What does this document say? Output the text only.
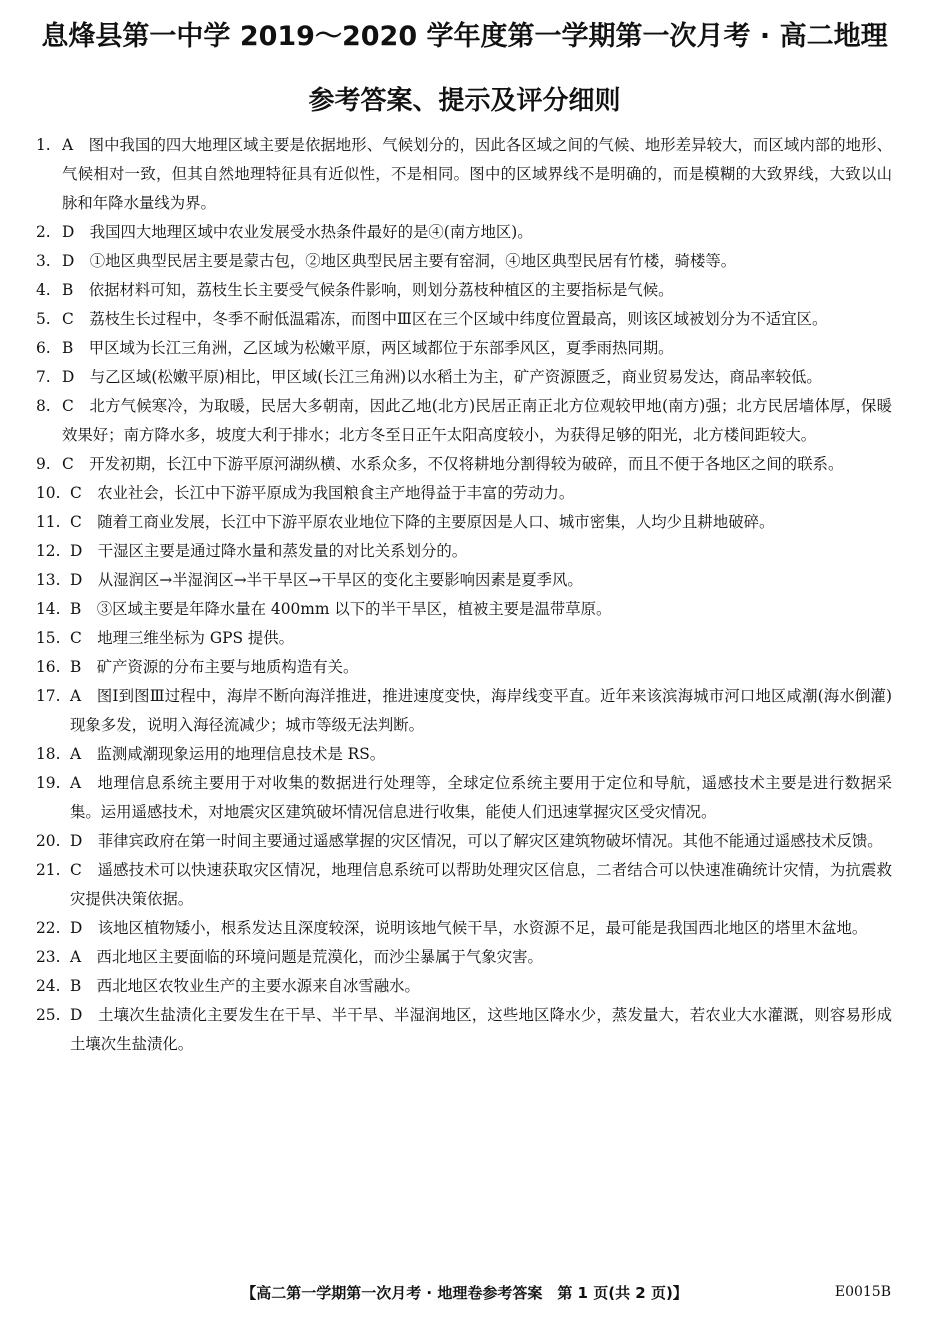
息烽县第一中学 2019～2020 学年度第一学期第一次月考 · 高二地理
参考答案、提示及评分细则
1. A　 图中我国的四大地理区域主要是依据地形、气候划分的，因此各区域之间的气候、地形差异较大，而区域内部的地形、气候相对一致，但其自然地理特征具有近似性，不是相同。图中的区域界线不是明确的，而是模糊的大致界线，大致以山脉和年降水量线为界。
2. D　 我国四大地理区域中农业发展受水热条件最好的是④(南方地区)。
3. D　 ①地区典型民居主要是蒙古包，②地区典型民居主要有窑洞，④地区典型民居有竹楼，骑楼等。
4. B　 依据材料可知，荔枝生长主要受气候条件影响，则划分荔枝种植区的主要指标是气候。
5. C　 荔枝生长过程中，冬季不耐低温霜冻，而图中Ⅲ区在三个区域中纬度位置最高，则该区域被划分为不适宜区。
6. B　 甲区域为长江三角洲，乙区域为松嫩平原，两区域都位于东部季风区，夏季雨热同期。
7. D　 与乙区域(松嫩平原)相比，甲区域(长江三角洲)以水稻土为主，矿产资源匮乏，商业贸易发达，商品率较低。
8. C　 北方气候寒冷，为取暖，民居大多朝南，因此乙地(北方)民居正南正北方位观较甲地(南方)强；北方民居墙体厚，保暖效果好；南方降水多，坡度大利于排水；北方冬至日正午太阳高度较小，为获得足够的阳光，北方楼间距较大。
9. C　 开发初期，长江中下游平原河湖纵横、水系众多，不仅将耕地分割得较为破碎，而且不便于各地区之间的联系。
10. C　 农业社会，长江中下游平原成为我国粮食主产地得益于丰富的劳动力。
11. C　 随着工商业发展，长江中下游平原农业地位下降的主要原因是人口、城市密集，人均少且耕地破碎。
12. D　 干湿区主要是通过降水量和蒸发量的对比关系划分的。
13. D　 从湿润区→半湿润区→半干旱区→干旱区的变化主要影响因素是夏季风。
14. B　 ③区域主要是年降水量在 400mm 以下的半干旱区，植被主要是温带草原。
15. C　 地理三维坐标为 GPS 提供。
16. B　 矿产资源的分布主要与地质构造有关。
17. A　 图Ⅰ到图Ⅲ过程中，海岸不断向海洋推进，推进速度变快，海岸线变平直。近年来该滨海城市河口地区咸潮(海水倒灌)现象多发，说明入海径流减少；城市等级无法判断。
18. A　 监测咸潮现象运用的地理信息技术是 RS。
19. A　 地理信息系统主要用于对收集的数据进行处理等，全球定位系统主要用于定位和导航，遥感技术主要是进行数据采集。运用遥感技术，对地震灾区建筑破坏情况信息进行收集，能使人们迅速掌握灾区受灾情况。
20. D　 菲律宾政府在第一时间主要通过遥感掌握的灾区情况，可以了解灾区建筑物破坏情况。其他不能通过遥感技术反馈。
21. C　 遥感技术可以快速获取灾区情况，地理信息系统可以帮助处理灾区信息，二者结合可以快速准确统计灾情，为抗震救灾提供决策依据。
22. D　 该地区植物矮小，根系发达且深度较深，说明该地气候干旱，水资源不足，最可能是我国西北地区的塔里木盆地。
23. A　 西北地区主要面临的环境问题是荒漠化，而沙尘暴属于气象灾害。
24. B　 西北地区农牧业生产的主要水源来自冰雪融水。
25. D　 土壤次生盐渍化主要发生在干旱、半干旱、半湿润地区，这些地区降水少，蒸发量大，若农业大水灌溉，则容易形成土壤次生盐渍化。
【高二第一学期第一次月考 · 地理卷参考答案　第 1 页(共 2 页)】	E0015B
